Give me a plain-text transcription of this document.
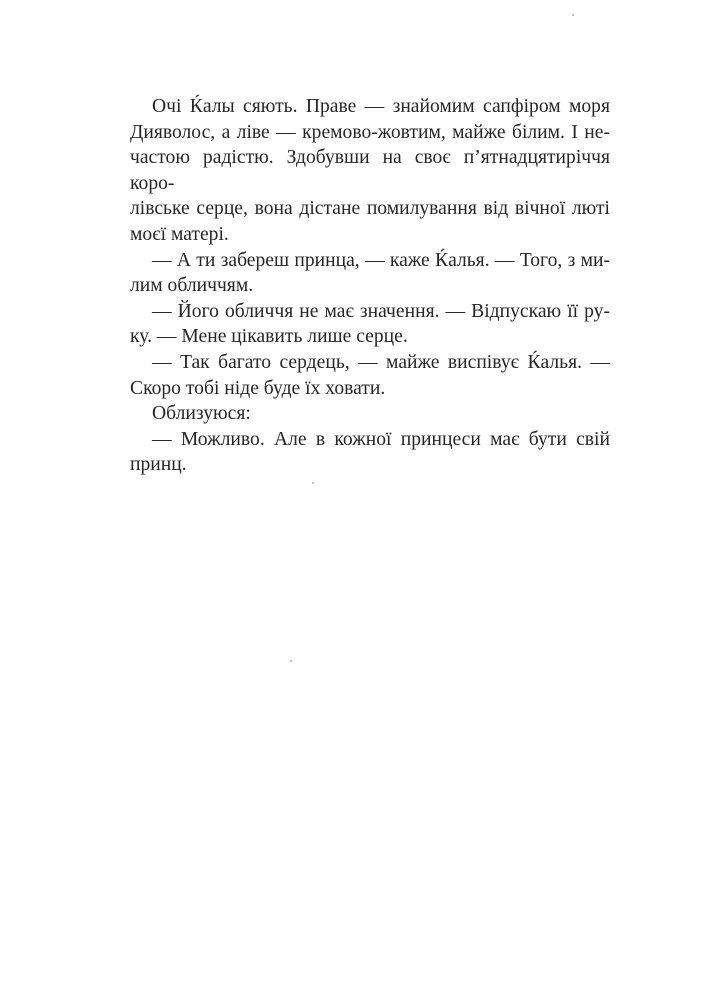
Очі Ќалы сяють. Праве — знайомим сапфіром моря
Дияволос, а ліве — кремово-жовтим, майже білим. І не-
частою радістю. Здобувши на своє п’ятнадцятиріччя коро-
лівське серце, вона дістане помилування від вічної люті
моєї матері.
— А ти забереш принца, — каже Ќалья. — Того, з ми-
лим обличчям.
— Його обличчя не має значення. — Відпускаю її ру-
ку. — Мене цікавить лише серце.
— Так багато сердець, — майже виспівує Ќалья. —
Скоро тобі ніде буде їх ховати.
Облизуюся:
— Можливо. Але в кожної принцеси має бути свій
принц.
